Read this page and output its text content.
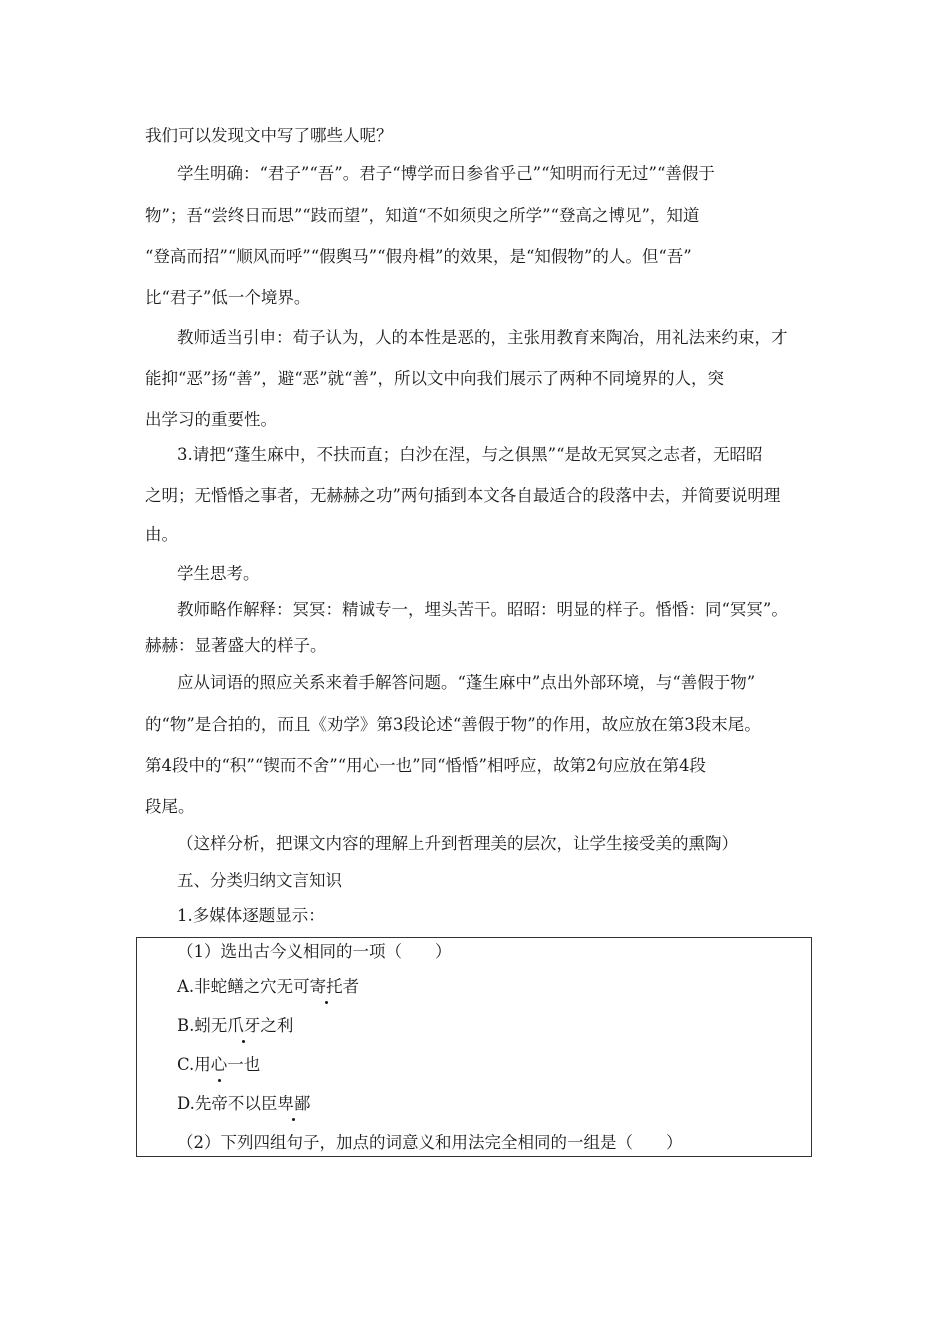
我们可以发现文中写了哪些人呢？
学生明确：“君子”“吾”。君子“博学而日参省乎己”“知明而行无过”“善假于
物”；吾“尝终日而思”“跂而望”，知道“不如须臾之所学”“登高之博见”，知道
“登高而招”“顺风而呼”“假舆马”“假舟楫”的效果，是“知假物”的人。但“吾”
比“君子”低一个境界。
教师适当引申：荀子认为，人的本性是恶的，主张用教育来陶冶，用礼法来约束，才
能抑“恶”扬“善”，避“恶”就“善”，所以文中向我们展示了两种不同境界的人，突
出学习的重要性。
3.请把“蓬生麻中，不扶而直；白沙在涅，与之俱黑”“是故无冥冥之志者，无昭昭
之明；无惛惛之事者，无赫赫之功”两句插到本文各自最适合的段落中去，并简要说明理
由。
学生思考。
教师略作解释：冥冥：精诚专一，埋头苦干。昭昭：明显的样子。惛惛：同“冥冥”。
赫赫：显著盛大的样子。
应从词语的照应关系来着手解答问题。“蓬生麻中”点出外部环境，与“善假于物”
的“物”是合拍的，而且《劝学》第3段论述“善假于物”的作用，故应放在第3段末尾。
第4段中的“积”“锲而不舍”“用心一也”同“惛惛”相呼应，故第2句应放在第4段
段尾。
（这样分析，把课文内容的理解上升到哲理美的层次，让学生接受美的熏陶）
五、分类归纳文言知识
1.多媒体逐题显示：
（1）选出古今义相同的一项（　　）
A.非蛇鳝之穴无可寄托者
B.蚓无爪牙之利
C.用心一也
D.先帝不以臣卑鄙
（2）下列四组句子，加点的词意义和用法完全相同的一组是（　　）
